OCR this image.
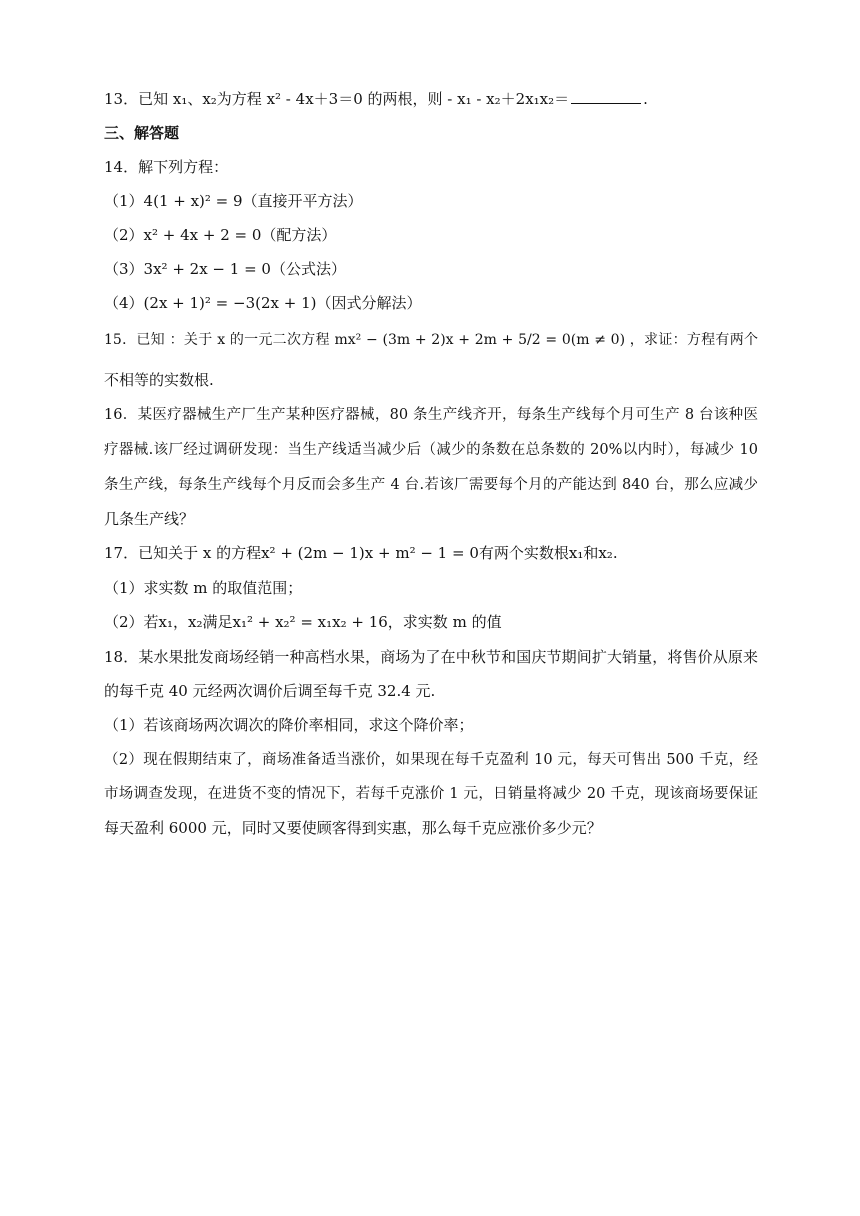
13．已知 x₁、x₂为方程 x² - 4x＋3＝0 的两根，则 - x₁ - x₂＋2x₁x₂＝	.
三、解答题
14．解下列方程：
（1）4(1 + x)² = 9（直接开平方法）
（2）x² + 4x + 2 = 0（配方法）
（3）3x² + 2x − 1 = 0（公式法）
（4）(2x + 1)² = −3(2x + 1)（因式分解法）
15．已知 ：关于 x 的一元二次方程 mx² − (3m + 2)x + 2m + 5/2 = 0(m ≠ 0) ，求证：方程有两个
不相等的实数根.
16．某医疗器械生产厂生产某种医疗器械，80 条生产线齐开，每条生产线每个月可生产 8 台该种医
疗器械.该厂经过调研发现：当生产线适当减少后（减少的条数在总条数的 20%以内时），每减少 10
条生产线，每条生产线每个月反而会多生产 4 台.若该厂需要每个月的产能达到 840 台，那么应减少
几条生产线？
17．已知关于 x 的方程x² + (2m − 1)x + m² − 1 = 0有两个实数根x₁和x₂.
（1）求实数 m 的取值范围；
（2）若x₁，x₂满足x₁² + x₂² = x₁x₂ + 16，求实数 m 的值
18．某水果批发商场经销一种高档水果，商场为了在中秋节和国庆节期间扩大销量，将售价从原来
的每千克 40 元经两次调价后调至每千克 32.4 元.
（1）若该商场两次调次的降价率相同，求这个降价率；
（2）现在假期结束了，商场准备适当涨价，如果现在每千克盈利 10 元，每天可售出 500 千克，经
市场调查发现，在进货不变的情况下，若每千克涨价 1 元，日销量将减少 20 千克，现该商场要保证
每天盈利 6000 元，同时又要使顾客得到实惠，那么每千克应涨价多少元？
